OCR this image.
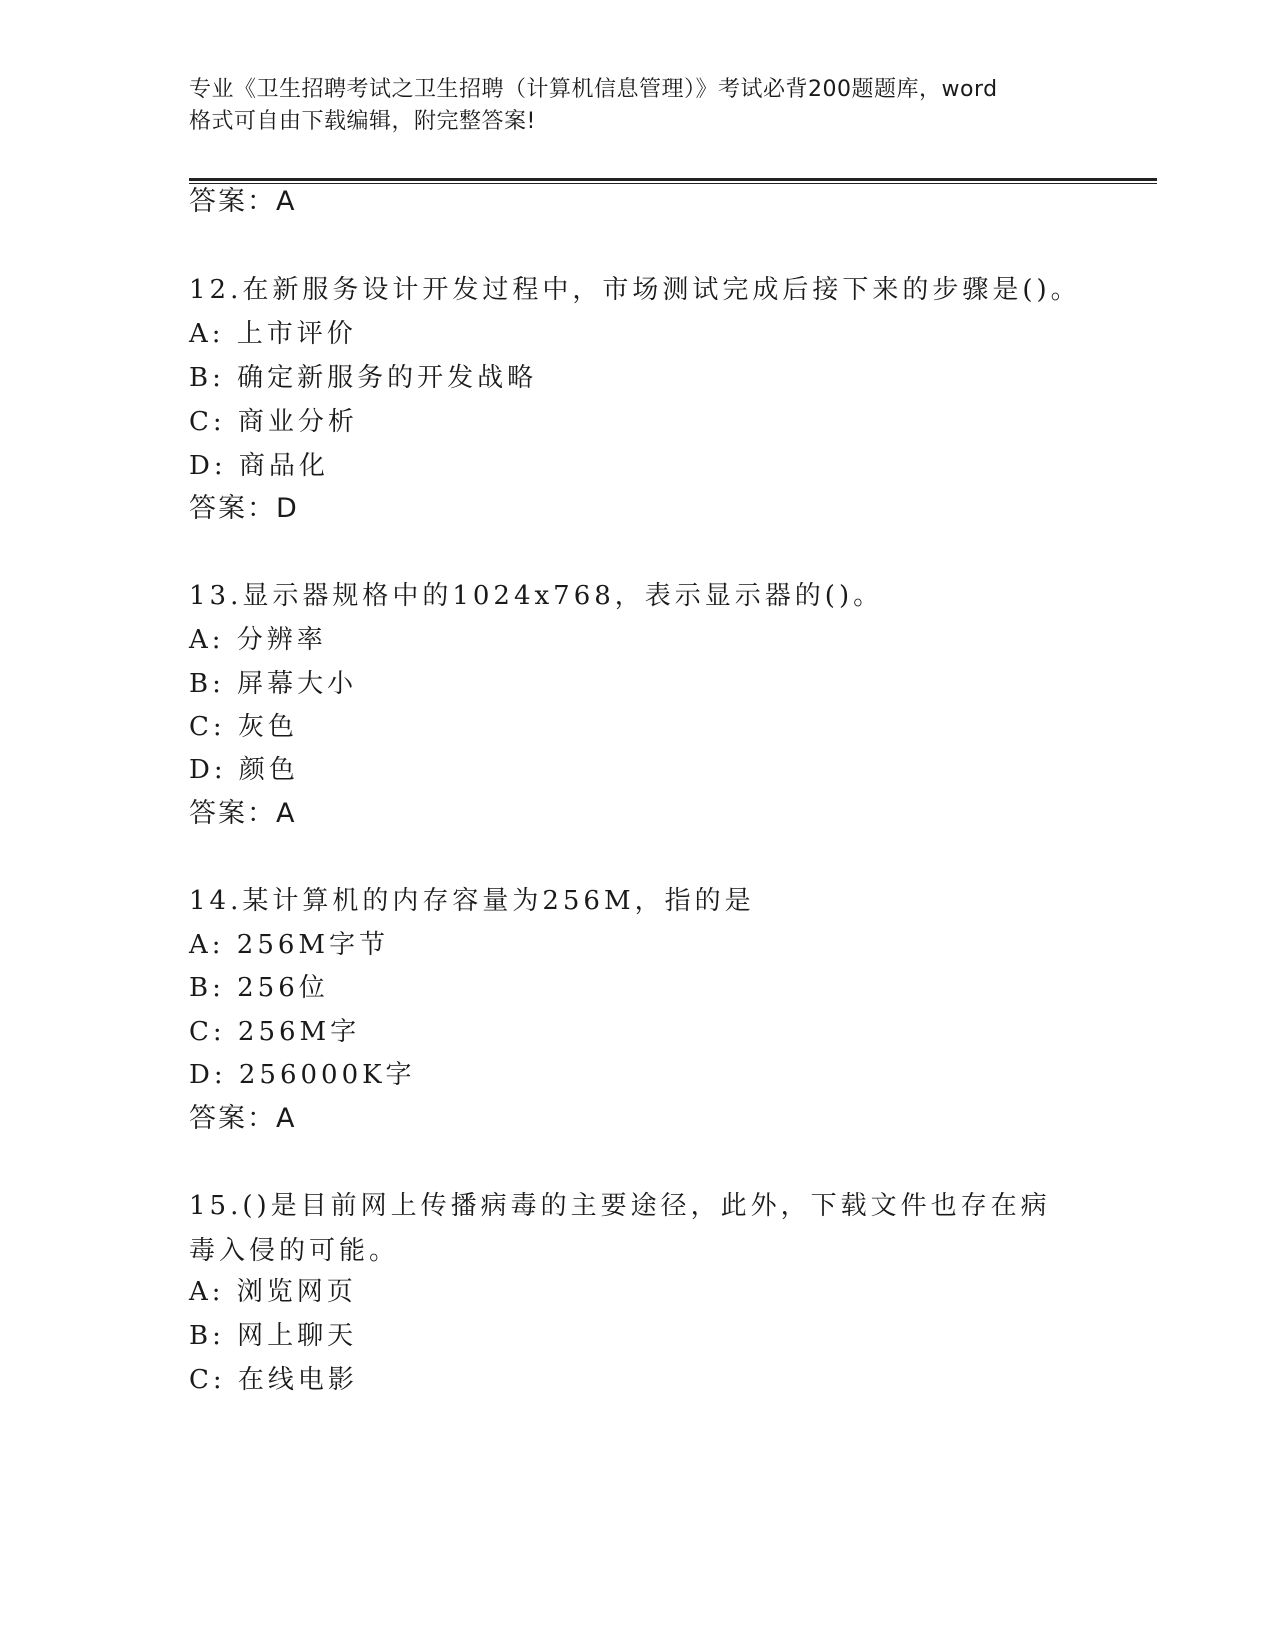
专业《卫生招聘考试之卫生招聘（计算机信息管理）》考试必背200题题库，word
格式可自由下载编辑，附完整答案!
答案：A
12.在新服务设计开发过程中，市场测试完成后接下来的步骤是()。
A: 上市评价
B: 确定新服务的开发战略
C: 商业分析
D: 商品化
答案：D
13.显示器规格中的1024x768，表示显示器的()。
A: 分辨率
B: 屏幕大小
C: 灰色
D: 颜色
答案：A
14.某计算机的内存容量为256M，指的是
A: 256M字节
B: 256位
C: 256M字
D: 256000K字
答案：A
15.()是目前网上传播病毒的主要途径，此外，下载文件也存在病毒入侵的可能。
A: 浏览网页
B: 网上聊天
C: 在线电影
